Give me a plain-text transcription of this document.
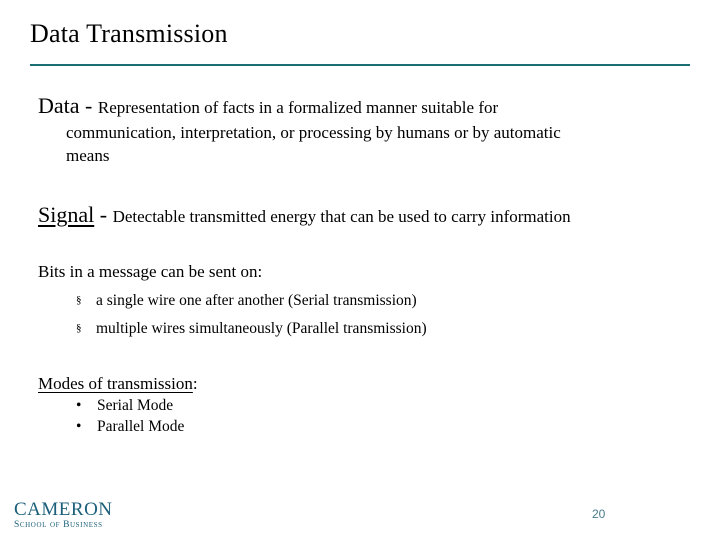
Data Transmission
Data - Representation of facts in a formalized manner suitable for
communication, interpretation, or processing by humans or by automatic
means
Signal - Detectable transmitted energy that can be used to carry information
Bits in a message can be sent on:
§ a single wire one after another (Serial transmission)
§ multiple wires simultaneously (Parallel transmission)
Modes of transmission:
• Serial Mode
• Parallel Mode
CAMERON
School of Business
20
